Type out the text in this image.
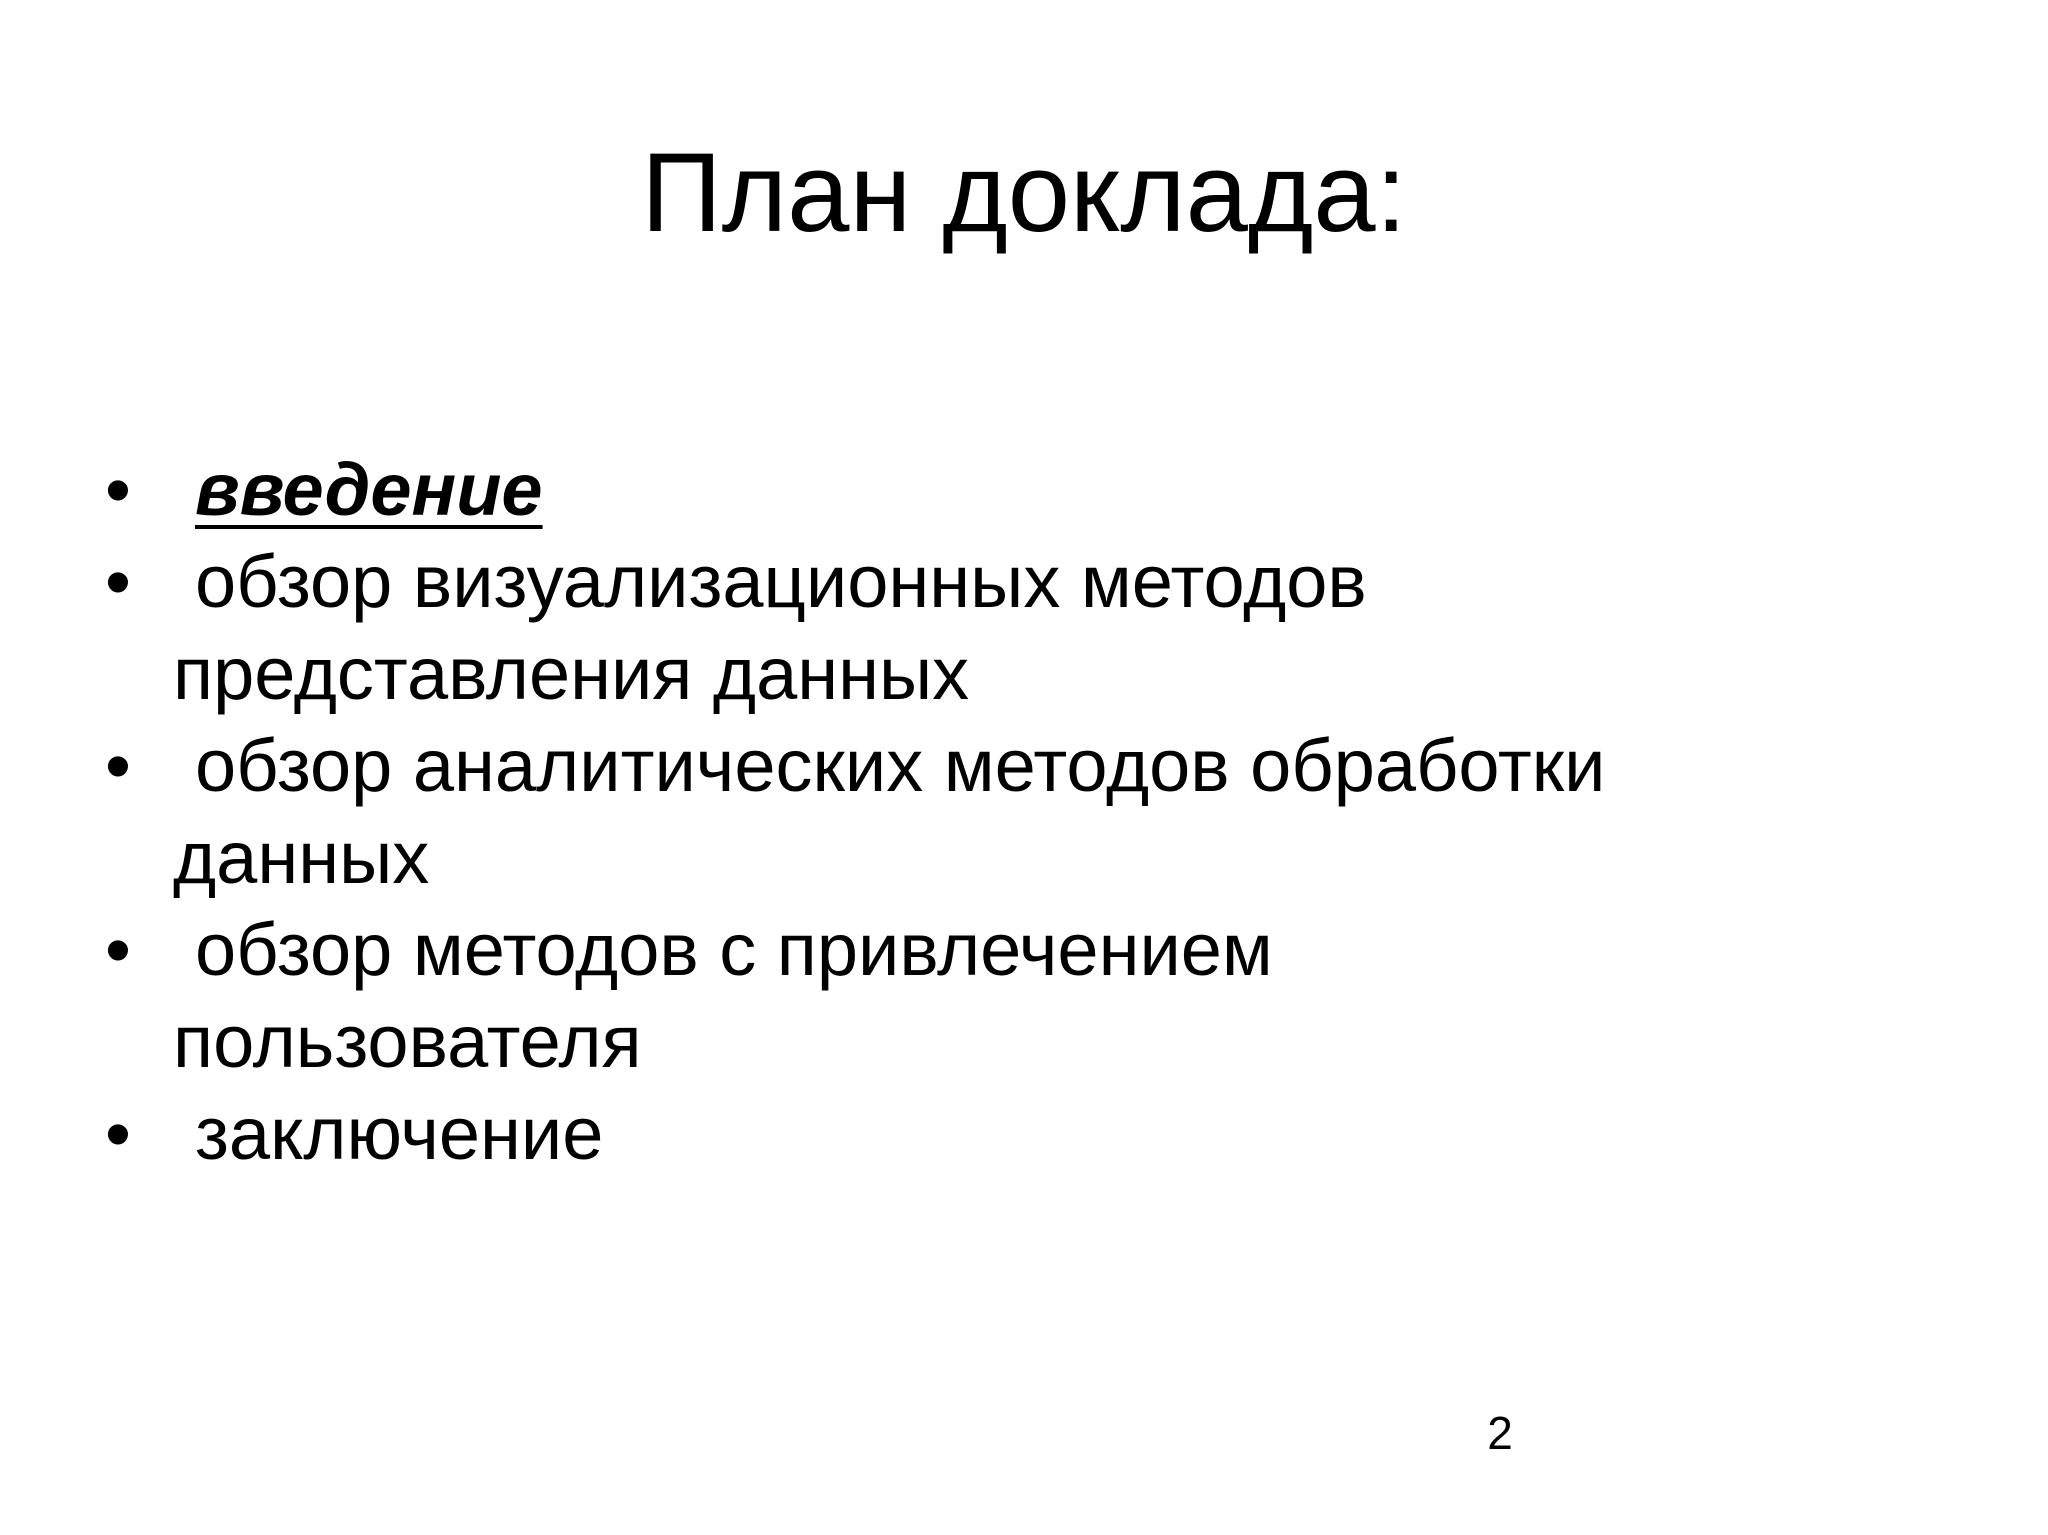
План доклада:
• введение
• обзор визуализационных методов
представления данных
• обзор аналитических методов обработки
данных
• обзор методов с привлечением
пользователя
• заключение
2
